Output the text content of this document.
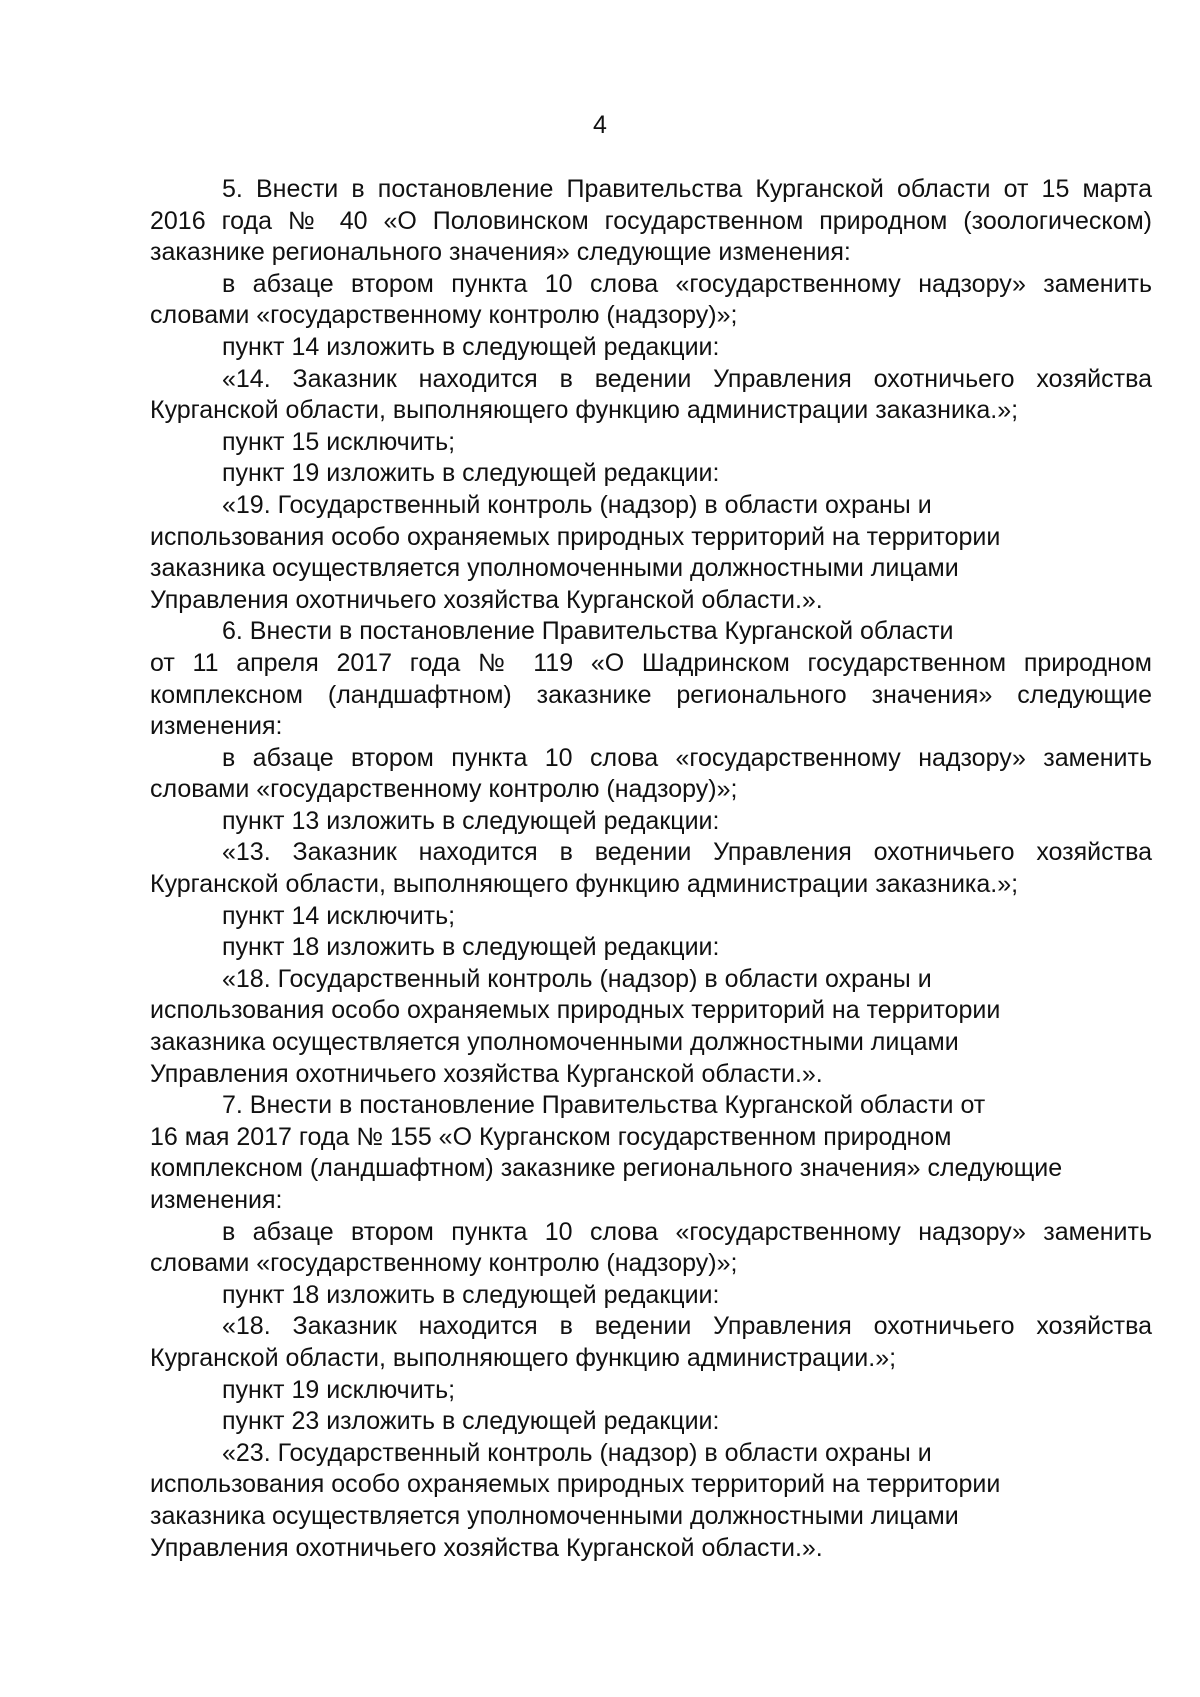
4

5. Внести в постановление Правительства Курганской области от 15 марта 2016 года № 40 «О Половинском государственном природном (зоологическом) заказнике регионального значения» следующие изменения:

в абзаце втором пункта 10 слова «государственному надзору» заменить словами «государственному контролю (надзору)»;

пункт 14 изложить в следующей редакции:

«14. Заказник находится в ведении Управления охотничьего хозяйства Курганской области, выполняющего функцию администрации заказника.»;

пункт 15 исключить;

пункт 19 изложить в следующей редакции:

«19. Государственный контроль (надзор) в области охраны и
использования особо охраняемых природных территорий на территории
заказника осуществляется уполномоченными должностными лицами
Управления охотничьего хозяйства Курганской области.».

6. Внести в постановление Правительства Курганской области
от 11 апреля 2017 года № 119 «О Шадринском государственном природном комплексном (ландшафтном) заказнике регионального значения» следующие изменения:

в абзаце втором пункта 10 слова «государственному надзору» заменить словами «государственному контролю (надзору)»;

пункт 13 изложить в следующей редакции:

«13. Заказник находится в ведении Управления охотничьего хозяйства Курганской области, выполняющего функцию администрации заказника.»;

пункт 14 исключить;

пункт 18 изложить в следующей редакции:

«18. Государственный контроль (надзор) в области охраны и
использования особо охраняемых природных территорий на территории
заказника осуществляется уполномоченными должностными лицами
Управления охотничьего хозяйства Курганской области.».

7. Внести в постановление Правительства Курганской области от
16 мая 2017 года № 155 «О Курганском государственном природном
комплексном (ландшафтном) заказнике регионального значения» следующие
изменения:

в абзаце втором пункта 10 слова «государственному надзору» заменить словами «государственному контролю (надзору)»;

пункт 18 изложить в следующей редакции:

«18. Заказник находится в ведении Управления охотничьего хозяйства Курганской области, выполняющего функцию администрации.»;

пункт 19 исключить;

пункт 23 изложить в следующей редакции:

«23. Государственный контроль (надзор) в области охраны и
использования особо охраняемых природных территорий на территории
заказника осуществляется уполномоченными должностными лицами
Управления охотничьего хозяйства Курганской области.».
